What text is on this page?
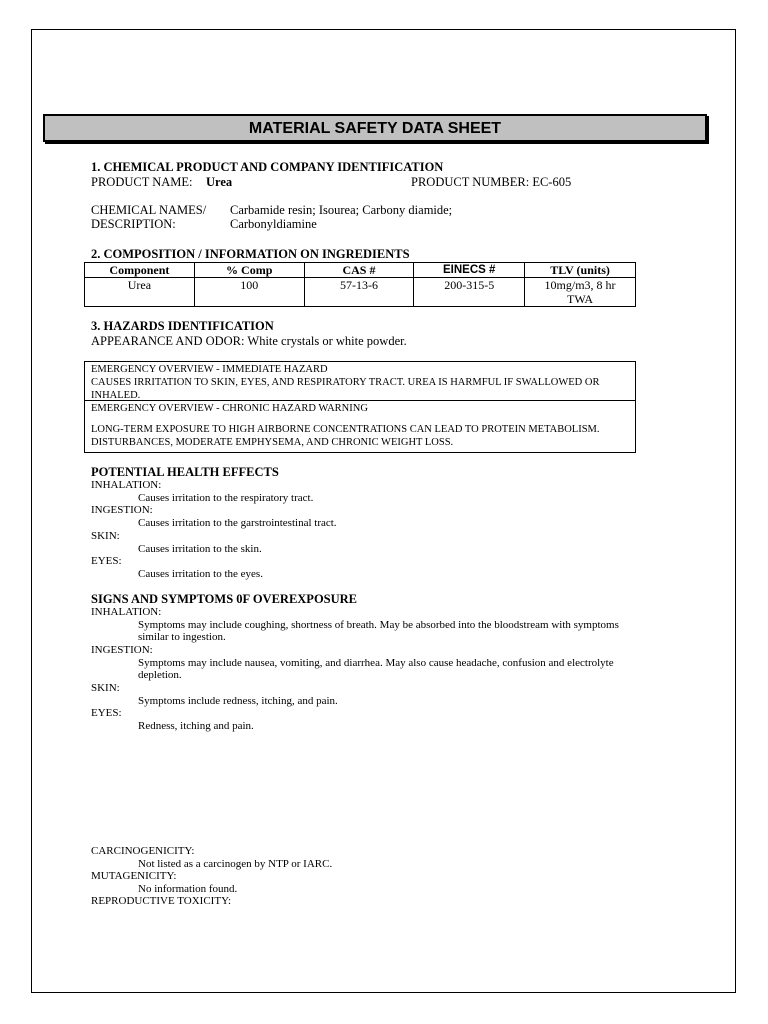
MATERIAL SAFETY DATA SHEET
1. CHEMICAL PRODUCT AND COMPANY IDENTIFICATION
PRODUCT NAME: Urea	PRODUCT NUMBER: EC-605
CHEMICAL NAMES/ Carbamide resin; Isourea; Carbony diamide;
DESCRIPTION:	Carbonyldiamine
2. COMPOSITION / INFORMATION ON INGREDIENTS
Component	% Comp	CAS #	EINECS #	TLV (units)
Urea	100	57-13-6	200-315-5	10mg/m3, 8 hr TWA
3. HAZARDS IDENTIFICATION
APPEARANCE AND ODOR: White crystals or white powder.
EMERGENCY OVERVIEW - IMMEDIATE HAZARD
CAUSES IRRITATION TO SKIN, EYES, AND RESPIRATORY TRACT. UREA IS HARMFUL IF SWALLOWED OR INHALED.
EMERGENCY OVERVIEW - CHRONIC HAZARD WARNING
LONG-TERM EXPOSURE TO HIGH AIRBORNE CONCENTRATIONS CAN LEAD TO PROTEIN METABOLISM. DISTURBANCES, MODERATE EMPHYSEMA, AND CHRONIC WEIGHT LOSS.
POTENTIAL HEALTH EFFECTS
INHALATION:
Causes irritation to the respiratory tract.
INGESTION:
Causes irritation to the garstrointestinal tract.
SKIN:
Causes irritation to the skin.
EYES:
Causes irritation to the eyes.
SIGNS AND SYMPTOMS 0F OVEREXPOSURE
INHALATION:
Symptoms may include coughing, shortness of breath. May be absorbed into the bloodstream with symptoms
similar to ingestion.
INGESTION:
Symptoms may include nausea, vomiting, and diarrhea. May also cause headache, confusion and electrolyte
depletion.
SKIN:
Symptoms include redness, itching, and pain.
EYES:
Redness, itching and pain.
CARCINOGENICITY:
Not listed as a carcinogen by NTP or IARC.
MUTAGENICITY:
No information found.
REPRODUCTIVE TOXICITY:
